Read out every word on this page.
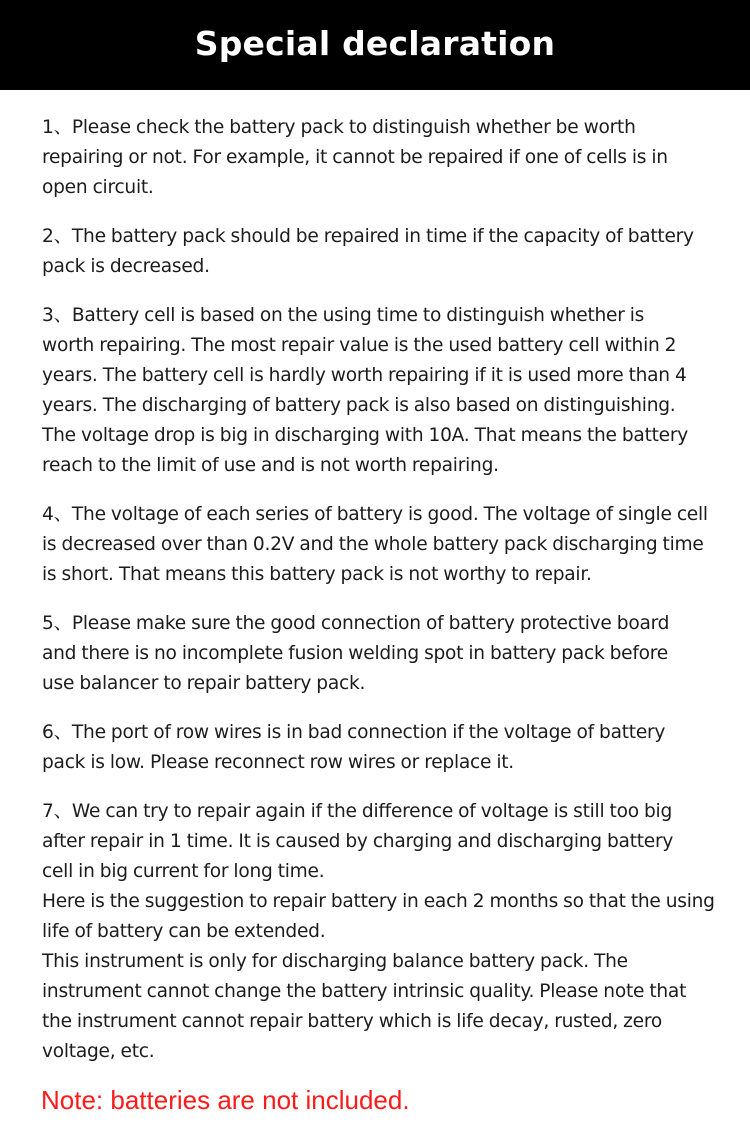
Special declaration

1、Please check the battery pack to distinguish whether be worth
repairing or not. For example, it cannot be repaired if one of cells is in
open circuit.

2、The battery pack should be repaired in time if the capacity of battery
pack is decreased.

3、Battery cell is based on the using time to distinguish whether is
worth repairing. The most repair value is the used battery cell within 2
years. The battery cell is hardly worth repairing if it is used more than 4
years. The discharging of battery pack is also based on distinguishing.
The voltage drop is big in discharging with 10A. That means the battery
reach to the limit of use and is not worth repairing.

4、The voltage of each series of battery is good. The voltage of single cell
is decreased over than 0.2V and the whole battery pack discharging time
is short. That means this battery pack is not worthy to repair.

5、Please make sure the good connection of battery protective board
and there is no incomplete fusion welding spot in battery pack before
use balancer to repair battery pack.

6、The port of row wires is in bad connection if the voltage of battery
pack is low. Please reconnect row wires or replace it.

7、We can try to repair again if the difference of voltage is still too big
after repair in 1 time. It is caused by charging and discharging battery
cell in big current for long time.
Here is the suggestion to repair battery in each 2 months so that the using
life of battery can be extended.
This instrument is only for discharging balance battery pack. The
instrument cannot change the battery intrinsic quality. Please note that
the instrument cannot repair battery which is life decay, rusted, zero
voltage, etc.

Note: batteries are not included.
